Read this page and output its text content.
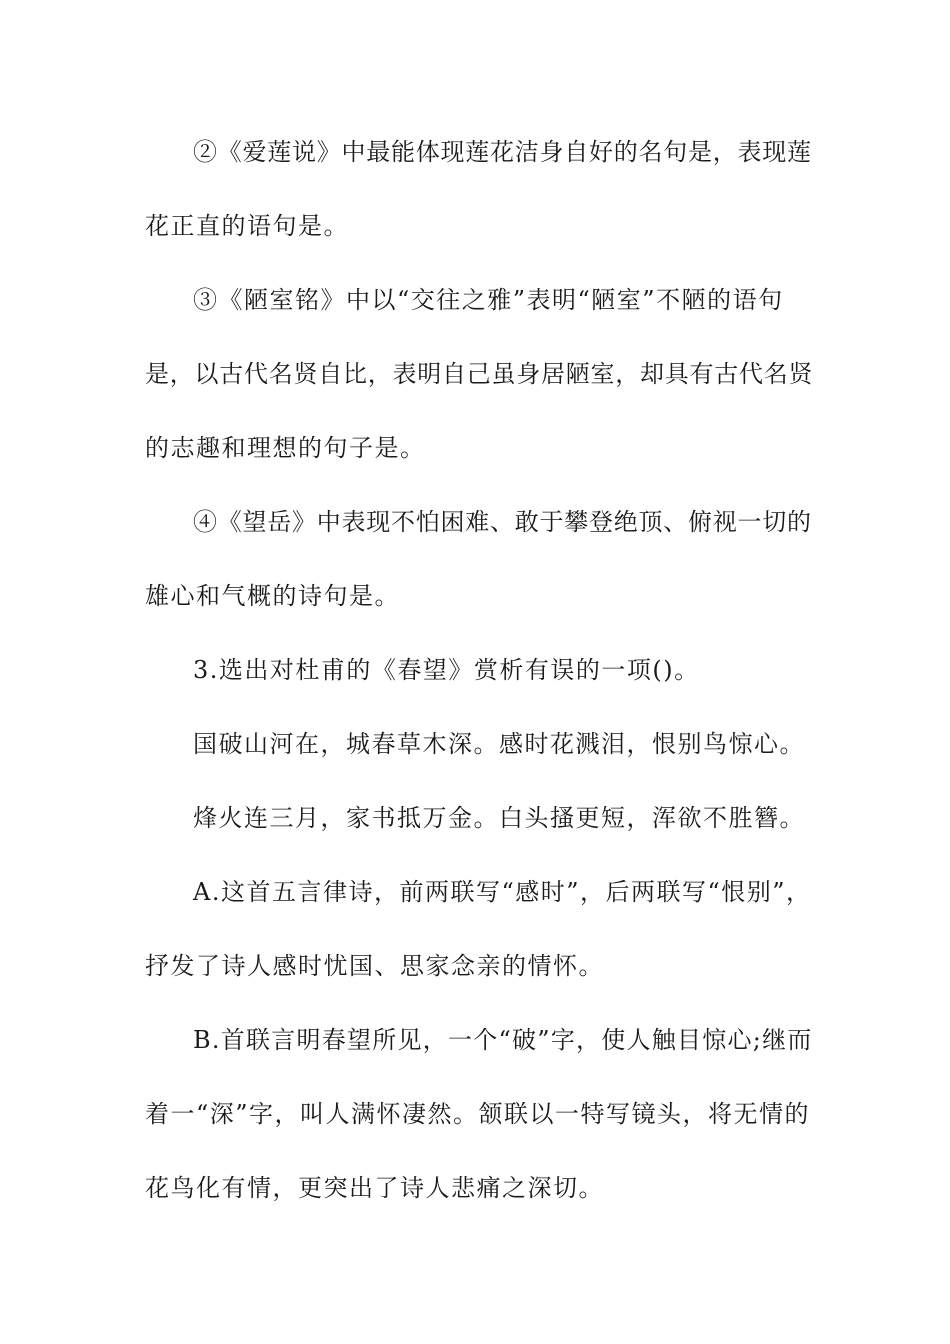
②《爱莲说》中最能体现莲花洁身自好的名句是，表现莲
花正直的语句是。
③《陋室铭》中以“交往之雅”表明“陋室”不陋的语句
是，以古代名贤自比，表明自己虽身居陋室，却具有古代名贤
的志趣和理想的句子是。
④《望岳》中表现不怕困难、敢于攀登绝顶、俯视一切的
雄心和气概的诗句是。
3.选出对杜甫的《春望》赏析有误的一项()。
国破山河在，城春草木深。感时花溅泪，恨别鸟惊心。
烽火连三月，家书抵万金。白头搔更短，浑欲不胜簪。
A.这首五言律诗，前两联写“感时”，后两联写“恨别”，
抒发了诗人感时忧国、思家念亲的情怀。
B.首联言明春望所见，一个“破”字，使人触目惊心;继而
着一“深”字，叫人满怀凄然。颔联以一特写镜头，将无情的
花鸟化有情，更突出了诗人悲痛之深切。
